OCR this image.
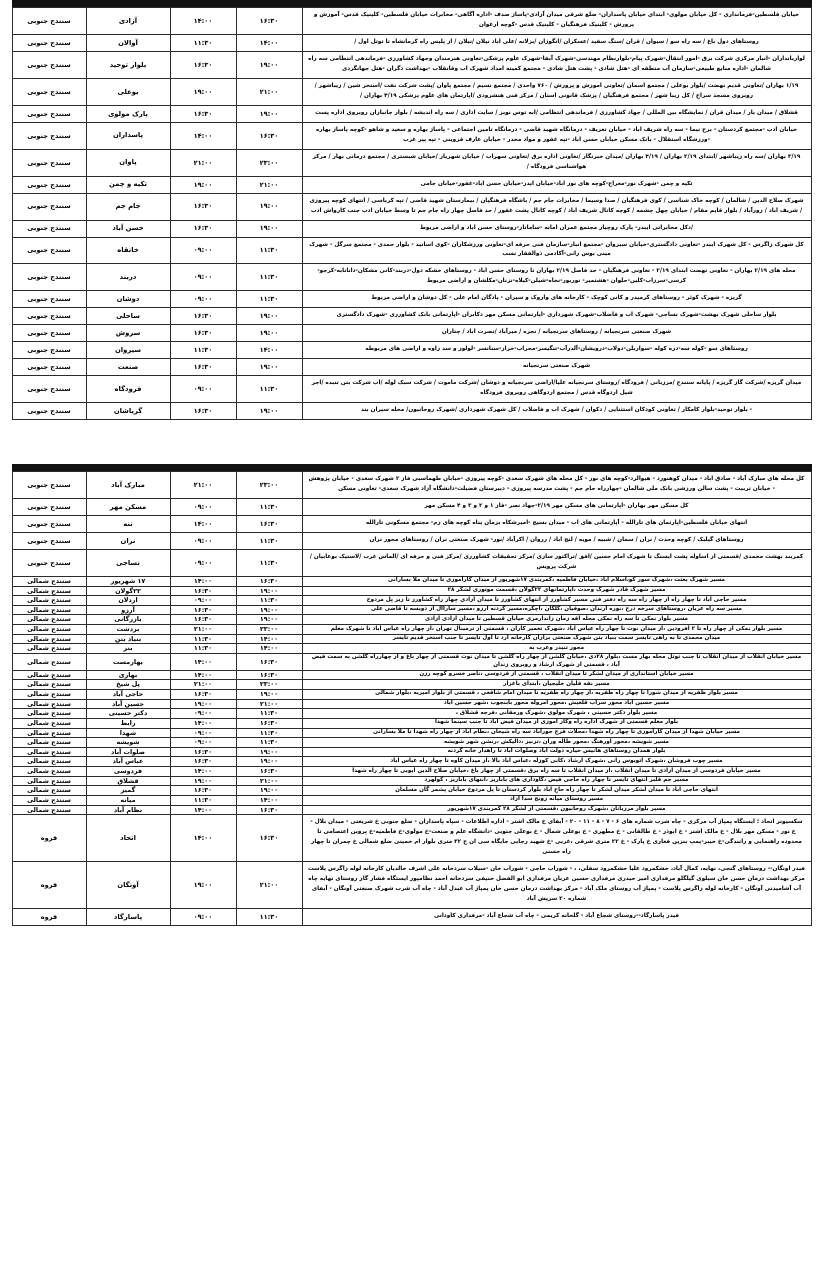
خیابان فلسطین-فرمانداری - کل خیابان مولوی- ابتدای خیابان پاسداران- ضلع شرقی میدان آزادی-پاساژ صدف -اداره آگاهی- مخابرات خیابان فلسطین- کلینیک قدس- آموزش و پرورش - کلینیک فرهنگیان - کلینیک قدس -کوچه ارغوان	۱۶:۳۰	۱۴:۰۰	آزادی	سنندج جنوبی
روستاهای دول باغ / سه راه سو / سیوان / قران /سنگ سفید /عسکران /انگوژان /بزلانه /علی اباد نیلان /نیلان / از پلیس راه کرمانشاه تا توتل اول /	۱۴:۰۰	۱۱:۳۰	آوالان	سنندج جنوبی
لواربانداران -انبار مرکزی شرکت برق -امور انتقال-شهرک پیام-بلوارنظام مهندسی-شهرک آبفا-شهرک علوم پزشکی-تعاونی هنرمندان وجهاد کشاورزی -فرماندهی انتظامی سه راه شالمان -اداره منابع طبیعی-سازمان آب منطقه ای -هتل شادی - پشت هتل شادی - مجتمع کمیته امداد شهرک اب وقانقلاب -بهداشت دگران -هتل جهانگردی	۱۹:۰۰	۱۶:۳۰	بلوار توحید	سنندج جنوبی
۱/۱۹ بهاران /تعاونی قدیم نهضت /بلوار بوعلی / مجتمع اسمان /تعاونی اموزش و پرورش / ۷۶۰ واحدی / مجتمع نسیم / مجتمع پاوان /پشت شرکت نفت /استخر شین / زیباشهر / روبروی مسجد سراج / کل زیبا شهر / مجتمع فرهنگیان / پزشک قانونی استان / مرکز فنی هنشرودی /اپارتمان های علوم پزشکی ۴/۱۹ بهاران /	۲۱:۰۰	۱۹:۰۰	بوعلی	سنندج جنوبی
قشلاق / میدان بار / میدان قران / نمایشگاه بین المللی / جهاد کشاورزی / فرماندهی انتظامی /ابه توس نوبز / سایت اداری / سه راه اندیشه / بلوار جانبازان روبروی اداره پست	۱۹:۰۰	۱۶:۳۰	پارک مولوی	سنندج جنوبی
خیابان ادب -مجتمع کردستان - برج نیما - سه راه شریف اباد - خیابان تعریف - درمانگاه شهید قاضی - درمانگاه تامین اجتماعی - پاساژ بهاره و سعید و شاهو -کوچه پاساژ بهاره -ورزشگاه استقلال - بانک مسکن خیابان حسن اباد -تپه غفور و مواد مخدر - خیابان عارف قزوینی - تپه پیر غرب	۱۶:۳۰	۱۴:۰۰	پاسداران	سنندج جنوبی
۳/۱۹ بهاران /سه راه زیباشهر /ابتدای ۲/۱۹ بهاران / ۴/۱۹ بهاران /میدان خبرنگار /تعاونی اداره برق /تعاونی سهراب / خیابان شهریار /خیابان شبستری / مجتمع درمانی بهار / مرکز هواشناسی فرودگاه /	۲۳:۰۰	۲۱:۰۰	پاوان	سنندج جنوبی
تکیه و چمن -شهرک نور-معراج-کوچه های نور اباد-خیابان ایدر-خیابان حسن اباد-غفور-خیابان جامی	۲۱:۰۰	۱۹:۰۰	تکیه و چمن	سنندج جنوبی
شهرک صلاح الدین / شالمان / کوچه خاک شناسی / کوی فرهنگیان / صدا وسیما / مخابرات جام جم / باشگاه فرهنگیان / بیمارستان شهید قاضی / تپه کرباسی / انتهای کوچه پیروزی / شریف اباد / زورآباد / بلوار قایم مقام / خیابان چهل چشمه / کوچه کانال شریف اباد / کوچه کانال پشت غفور / حد فاصل چهار راه جام جم تا وسط خیابان ادب جنب کارواش ادب	۱۹:۰۰	۱۶:۳۰	جام جم	سنندج جنوبی
/دکل مخابراتی ایبدر- پارک روچیار مجتمع عمران امانه -ساماتار-روستای حسن اباد و اراضی مربوط	۱۹:۰۰	۱۶:۳۰	حسن آباد	سنندج جنوبی
کل شهرک زاگرس - کل شهرک ایبدر -تعاونی دادگستری-خیابان سیروان -مجتمع انبار-سازمان فنی حرفه ای-تعاونی ورزشکاران -کوی اسانید - بلوار حمدی - مجتمع سرگل - شهرک مینی بوس رانی-آکادمی ذوالفقار نسب	۱۱:۳۰	۰۹:۰۰	خانقاه	سنندج جنوبی
محله های ۲/۱۹ بهاران - تعاونی نهضت ابتدای ۲/۱۹ - تعاونی فرهنگیان - حد فاصل ۲/۱۹ بهاران تا روستای حسن اباد - روستاهای خشکه دول-دربند-کانی مشکان-دانانابه-کرجو-کرسی-سرزاب-کلین-حلوان -هشتمیر- نوربور-نخاه-شیلن-کیلاه-نزنان-مکلشان و اراضی مربوط	۱۱:۳۰	۰۹:۰۰	دربند	سنندج جنوبی
گریزه - شهرک کوئر - روستاهای کرمیدر و کانی کوچک - کارخانه های واروک و سیران - پادگان امام علی - کل دوشان و اراضی مربوط	۱۱:۳۰	۰۹:۰۰	دوشان	سنندج جنوبی
بلوار ساحلی شهرک بهشت-شهرک نساجی- شهرک اب و فاضلاب-شهرک شهرداری -اپارتمانی مسکن مهر دکابران -اپارتمانی بانک کشاورزی -شهرک دادگستری	۱۹:۰۰	۱۶:۳۰	ساحلی	سنندج جنوبی
شهرک صنعتی سرنجیانه / روستاهای سرنجیانه / نجره / میرآباد /نصرت اباد / چتاران	۱۹:۰۰	۱۶:۳۰	سروش	سنندج جنوبی
روستاهای سو -کوله سه-دره کوله -سواربلن-دولاب-درویشان-آلدرآب-تنگیسر-محراب-خزاز-سنانسر -لولوز و سد زاوه و اراضی های مربوطه	۱۴:۰۰	۱۱:۳۰	سیروان	سنندج جنوبی
شهرک صنعتی سرنجیانه	۱۹:۰۰	۱۶:۳۰	صنعت	سنندج جنوبی
میدان گریزه /شرکت گاز گریزه / پایانه سنندج /مرزبانی / فرودگاه /روستای سرنجیانه علیا/اراضی سرنجیانه و دوشان /شرکت ماموت / شرکت سبک لوله /اب شرکت بتن تنبده /اجر شیل اردوگاه قدس / مجتمع اردوگاهی روبروی فرودگاه	۱۱:۳۰	۰۹:۰۰	فرودگاه	سنندج جنوبی
- بلوار توحید-بلوار کامکار / تعاونی کودکان استثنایی / دکوان / شهرک اب و فاضلاب / کل شهرک شهرداری /شهرک روحانیون/ محله سیران بند	۱۹:۰۰	۱۶:۳۰	گریاشان	سنندج جنوبی
کل محله های مبارک آباد - صادق اباد - میدان کوهنورد - هیوالرد-کوچه های نور - کل محله های شهرک سعدی -کوچه پیروزی -خیابان طهماسبی فاز ۲ شهرک سعدی - خیابان پژوهش - خیابان تربیت - پشت سالن ورزشی بانک ملی شالمان -چهارراه جام جم - پشت مدرسه پیروزی - دبیرستان فضیلت-دانشگاه آزاد شهرک سعدی- تعاونی مسکن	۲۳:۰۰	۲۱:۰۰	مبارک آباد	سنندج جنوبی
کل مسکن مهر بهاران -اپارتمانی های مسکن مهر ۲/۱۹-جهاد نصر -فاز ۱ و ۲ و ۳ و ۴ مسکن مهر	۱۱:۳۰	۰۹:۰۰	مسکن مهر	سنندج جنوبی
انتهای خیابان فلسطین-اپارتمان های تارالله - آپارتمانی های اب - میدان بسیج -امیرشکاه بزمان پناه کوچه های زم- مجتمع مسکونی تارالله	۱۶:۳۰	۱۴:۰۰	ننه	سنندج جنوبی
روستاهای گیلیک / کوچه وحدت / نران / سمان / شبیه / مویه / لنج اباد / زروان / اکرآباد /نور- شهرک صنعتی نران / روستاهای محور نران	۱۱:۳۰	۰۹:۰۰	نران	سنندج جنوبی
کمربند بهشت محمدی /قسمتی از اساوله پشت ایستگ تا شهرک امام حسین /افق /تراکتور سازی /مرکز تحقیقات کشاورزی /مرکز فنی و حرفه ای /الماس غرب /لاستیک بوعابیان /شرکت پرویس	۱۱:۳۰	۰۹:۰۰	نساجی	سنندج جنوبی
مسیر شهرک بعثت ،شهرک سور کو،اسلام اباد ،خیابان فاطمیه ،کمربندی ۱۷شهریور از میدان کارآموزی تا میدان ملا بسارانی	۱۶:۳۰	۱۴:۰۰	۱۷ شهریور	سنندج شمالی
مسیر شهرک قادر شهرک وحدت ،اپارتمانهای ۲۲گولان ،قسمت موتوری لشکر ۲۸	۱۹:۰۰	۱۶:۳۰	۲۲گولان	سنندج شمالی
مسیر حاجی اباد تا چهار راه از چهار راه سه راه دفتر فنی مسیر کشاورز از انتهای کشاورز تا میدان ازادی چهار راه کشاورز تا زیر پل مردوخ	۱۱:۳۰	۰۹:۰۰	اردلان	سنندج شمالی
مسیر سه راه عربان ،روستاهای سرخه درج ،نوره ارندان ،صوفیان ،گلگان ،اچکره،مسیر گردنه ارزو ،مسیر ساراال از دوبسه تا قاضی علی	۱۹:۰۰	۱۶:۳۰	آرزو	سنندج شمالی
مسیر بلوار نمکی تا سه راه نمکی محله اقه زمان زاندارمری خیابان قسطین تا میدان ازادی ازادی	۱۹:۰۰	۱۶:۳۰	بازرگانی	سنندج شمالی
مسیر بلوار نمکی از چهار راه تا ۲ افرودین ،از میدان نوت تا چهار راه عباس اباد ،شهرک تعمیر کاران ، قسمتی از ترمینال تهران ،از چهار راه عباس اباد تا شهرک معلم	۲۳:۰۰	۲۱:۰۰	بردشت	سنندج شمالی
میدان محمدی تا به راهی تایسر سمت بنیاد بتن شهرک صنعتی برازان کارخانه ارد تا اول تایسر تا جنب استخر قدیم تایسر	۱۴:۰۰	۱۱:۳۰	بنیاد بتن	سنندج شمالی
محور تنیدر وعرب به	۱۴:۰۰	۱۱:۳۰	بنر	سنندج شمالی
مسیر خیابان انقلاب از میدان انقلاب تا جنب توتل محله بهار مست ،بلوار ۲۸دی ،خیابان گلشن از چهار راه گلشن تا میدان نوت قسمتی از چهار باغ و از چهارراه گلشن به سمت فیض آباد ، قسمتی از شهرک ارشاد و روبروی زندان	۱۶:۳۰	۱۴:۰۰	بهارمست	سنندج شمالی
مسیر خیابان استانداری از میدان لشکر تا میدان انقلاب ، قسمتی از فردوسی ،ناصر خسرو کوچه رزن	۱۶:۳۰	۱۴:۰۰	بهاری	سنندج شمالی
مسیر نقه قلیان خلیجیان ،ابتدای باغزار	۲۳:۰۰	۲۱:۰۰	پل شیخ	سنندج شمالی
مسیر بلوار ظفریه از میدان شورا تا چهار راه ظفریه ،از چهار راه ظفریه تا میدان امام شافعی ، قسمتی از بلوار امیریه ،بلوار شمالی	۱۹:۰۰	۱۶:۳۰	حاجی آباد	سنندج شمالی
مسیر حسین اباد محور سراب قلعیش ،محور امروله محور بابنجوب ،شهر حسین اباد	۲۱:۰۰	۱۹:۰۰	حسین آباد	سنندج شمالی
مسیر بلوار دکتر حسینی ، شهرک مولوی ،شهرک ورمقانی ،فرجه قشلاق ،	۱۱:۳۰	۰۹:۰۰	دکتر حسینی	سنندج شمالی
بلوار معلم قسمتی از شهرک اداره راه وکار اموزی از میدان فیض اباد تا جنب سینما شهدا	۱۶:۳۰	۱۴:۰۰	رابط	سنندج شمالی
مسیر خیابان شهدا از میدان کارآموزی تا چهار راه شهدا ،محلات فرج جورآباد سه راه شیخان ،نظام اباد از چهار راه شهدا تا ملا بسارانی	۱۱:۳۰	۰۹:۰۰	شهدا	سنندج شمالی
مسیر شویشه ،محور اورهنگ ،محور طاله وران ،تزنیز ،دالیکش ،رنشن شهر شویشه	۱۱:۳۰	۰۹:۰۰	شویشه	سنندج شمالی
بلوار همدان روستاهای هانیس خیاره دولت اباد وصلوات اباد تا راهدار خانه گردنه	۱۹:۰۰	۱۶:۳۰	صلوات آباد	سنندج شمالی
مسیر چوب فروشان ،شهرک اتوبوس رانی ،شهرک ارشاد ،کانی کوزله ،عباس اباد بالا ،از میدان کاوه تا چهار راه عباس اباد	۱۹:۰۰	۱۶:۳۰	عباس آباد	سنندج شمالی
مسیر خیابان فردوسی از میدان ازادی تا میدان انقلاب ،از میدان انقلاب تا سه راه برق ،قسمتی از چهار باغ ،خیابان صلاح الدین ایوبی تا چهار راه شهدا	۱۶:۳۰	۱۴:۰۰	فردوسی	سنندج شمالی
مسیر جم قلبر انتهای تایسر تا چهار راه حاجی فیض ،گاوداری های باباریز ،انتهای باباریز ، کولهرد	۲۱:۰۰	۱۹:۰۰	قشلاق	سنندج شمالی
انتهای حاجی اباد تا میدان لشکر میدان لشکر تا چهار راه حاج اباد بلوار کردستان تا پل مردوخ خیابان پشمر گان مسلمان	۱۹:۰۰	۱۶:۳۰	گمیز	سنندج شمالی
مسیر روستای میانه زونج سدا ازاد	۱۴:۰۰	۱۱:۳۰	میانه	سنندج شمالی
مسیر بلوار مرزبانان ،شهرک روحانیون ،قسمتی از لشکر ۲۸ کمربندی ۱۷شهریور	۱۶:۳۰	۱۴:۰۰	نظام آباد	سنندج شمالی
سکسیونر اتحاد ؛ ایستگاه پمپاژ آب مرکزی - چاه شرب شماره های ۶ - ۷ - ۸ - ۱۱ - ۲۰ - آبفای خ مالک اشتر - اداره اطلاعات - سپاه پاسداران - ضلع جنوبی خ شریعتی - میدان بلال - خ نور - مسکن مهر بلال - خ مالک اشتر - خ ابوذر - خ طالقانی - خ مطهری - خ بوعلی شمال - خ بوعلی جنوبی -دانشگاه علم و صنعت-خ مولوی-خ فاطمیه-خ پروین اعتصامی تا محدوده راهنمایی و رانندگی-خ خیبر-پمپ بنزین فغاری خ پارک - خ ۲۲ متری شرقی ،غربی -خ شهید رجایی جایگاه سی ان ج ۳۲ متری بلوار ام خمینی ضلع شمالی خ چمران تا چهار راه حسنی	۱۶:۳۰	۱۴:۰۰	اتحاد	قروه
فیدر اونگان-- روستاهای گنجی، نهایه، کمال آباد، خشکمرود علیا خشکمرود سفلی، ، - شوراب حاجی - شوراب خان -سیلاب سردخانه علی اشرف خالدیان کارخانه لوله زاگرس پلاست مرکز بهداشت درمان حسن خان سیلوی گیلگلو مرفداری امیر حیدری مرفداری حسین عربان مرفداری ابو الفضل خنیفی سردخانه احمد نظامپور ایستگاه فشار گاز روستای نهایه چاه آب آشامیدنی آونگان - کارخانه لوله زاگرس پلاست - پمپاژ آب روستای ملک آباد - مرکز بهداشت درمان حسن خان پمپاژ آب عبدل آباد - چاه آب شرب شهرک صنعتی آونگان - آبفای شماره ۲۰ سرپش آباد	۲۱:۰۰	۱۹:۰۰	آونگان	قروه
فیدر پاسارگاد--روستای شجاع آباد - گلخانه کریمی - چاه آب شجاع آباد -مرفداری کاودانی	۱۱:۳۰	۰۹:۰۰	پاسارگاد	قروه
